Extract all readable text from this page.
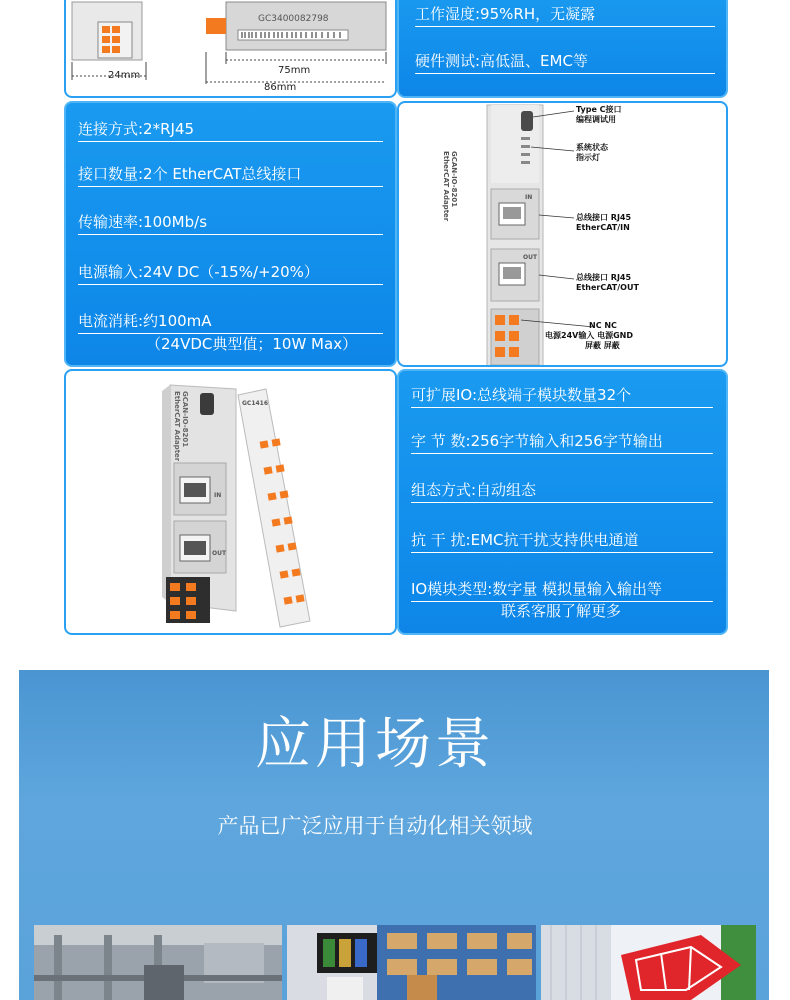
GC3400082798
24mm	75mm
86mm
工作湿度:95%RH，无凝露
硬件测试:高低温、EMC等
连接方式:2*RJ45
接口数量:2个 EtherCAT总线接口
传输速率:100Mb/s
电源输入:24V DC（-15%/+20%）
电流消耗:约100mA
（24VDC典型值；10W Max）
GCAN-IO-8201
EtherCAT Adapter
Type C接口
编程调试用
系统状态
指示灯
IN
总线接口 RJ45
EtherCAT/IN
OUT
总线接口 RJ45
EtherCAT/OUT
NC NC
电源24V输入 电源GND
屏蔽 屏蔽
GCAN-IO-8201
EtherCAT Adapter	GC1416
IN
OUT
可扩展IO:总线端子模块数量32个
字 节 数:256字节输入和256字节输出
组态方式:自动组态
抗 干 扰:EMC抗干扰支持供电通道
IO模块类型:数字量 模拟量输入输出等
联系客服了解更多
应用场景
产品已广泛应用于自动化相关领域
